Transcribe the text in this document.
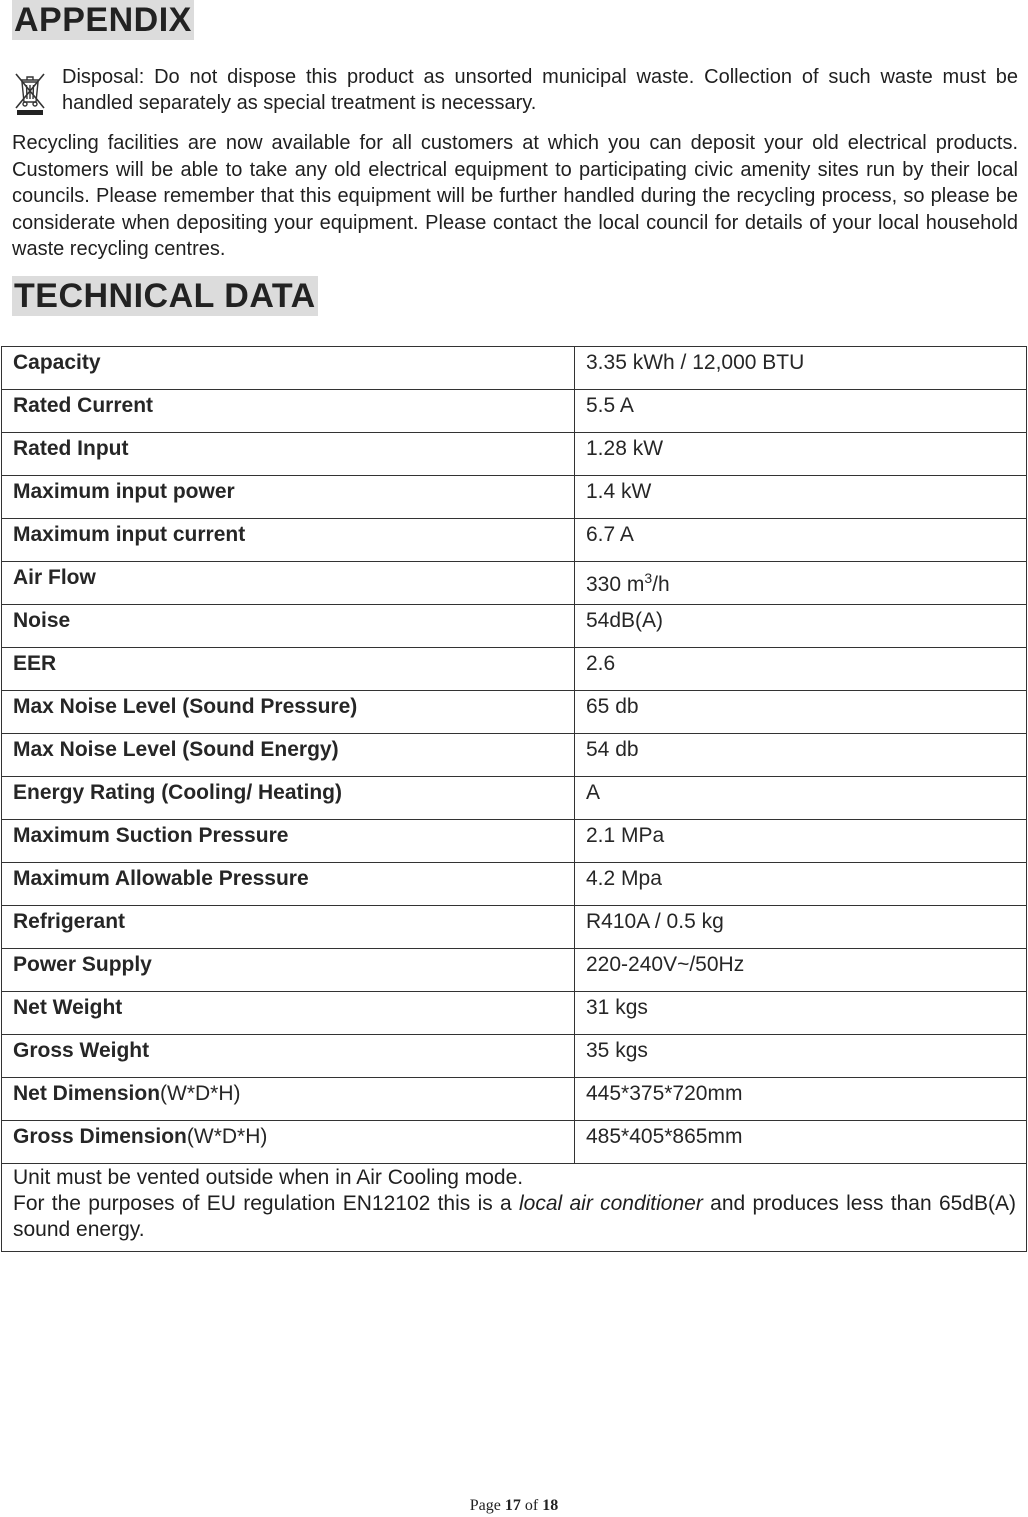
APPENDIX

Disposal: Do not dispose this product as unsorted municipal waste. Collection of such waste must be handled separately as special treatment is necessary.

Recycling facilities are now available for all customers at which you can deposit your old electrical products. Customers will be able to take any old electrical equipment to participating civic amenity sites run by their local councils. Please remember that this equipment will be further handled during the recycling process, so please be considerate when depositing your equipment. Please contact the local council for details of your local household waste recycling centres.

TECHNICAL DATA
Capacity	3.35 kWh / 12,000 BTU
Rated Current	5.5 A
Rated Input	1.28 kW
Maximum input power	1.4 kW
Maximum input current	6.7 A
Air Flow	330 $m^3/h$
Noise	54dB(A)
EER	2.6
Max Noise Level (Sound Pressure)	65 db
Max Noise Level (Sound Energy)	54 db
Energy Rating (Cooling/ Heating)	A
Maximum Suction Pressure	2.1 MPa
Maximum Allowable Pressure	4.2 Mpa
Refrigerant	R410A / 0.5 kg
Power Supply	220-240V~/50Hz
Net Weight	31 kgs
Gross Weight	35 kgs
Net Dimension(W*D*H)	445*375*720mm
Gross Dimension(W*D*H)	485*405*865mm

Unit must be vented outside when in Air Cooling mode.
For the purposes of EU regulation EN12102 this is a local air conditioner and produces less than 65dB(A) sound energy.	
Page 17 of 18
